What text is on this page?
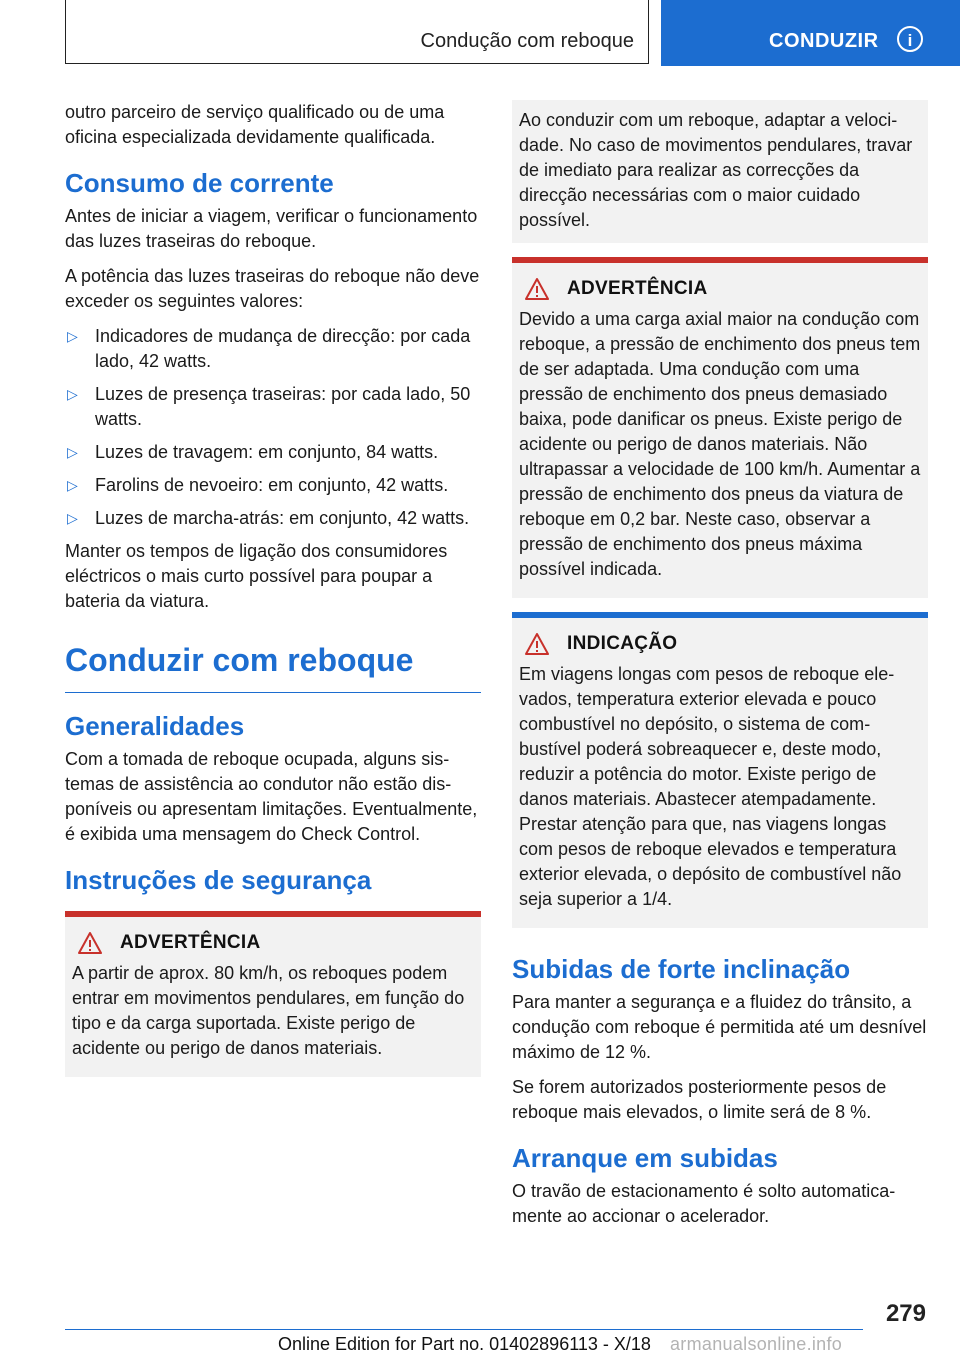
Condução com reboque	CONDUZIR	i

outro parceiro de serviço qualificado ou de uma oficina especializada devidamente qualificada.

Consumo de corrente

Antes de iniciar a viagem, verificar o funcionamento das luzes traseiras do reboque.

A potência das luzes traseiras do reboque não deve exceder os seguintes valores:

▷ Indicadores de mudança de direcção: por cada lado, 42 watts.
▷ Luzes de presença traseiras: por cada lado, 50 watts.
▷ Luzes de travagem: em conjunto, 84 watts.
▷ Farolins de nevoeiro: em conjunto, 42 watts.
▷ Luzes de marcha-atrás: em conjunto, 42 watts.

Manter os tempos de ligação dos consumidores eléctricos o mais curto possível para poupar a bateria da viatura.

Conduzir com reboque
Generalidades

Com a tomada de reboque ocupada, alguns sistemas de assistência ao condutor não estão disponíveis ou apresentam limitações. Eventualmente, é exibida uma mensagem do Check Control.

Instruções de segurança
ADVERTÊNCIA

A partir de aprox. 80 km/h, os reboques podem entrar em movimentos pendulares, em função do tipo e da carga suportada. Existe perigo de acidente ou perigo de danos materiais.

Ao conduzir com um reboque, adaptar a velocidade. No caso de movimentos pendulares, travar de imediato para realizar as correcções da direcção necessárias com o maior cuidado possível.

ADVERTÊNCIA

Devido a uma carga axial maior na condução com reboque, a pressão de enchimento dos pneus tem de ser adaptada. Uma condução com uma pressão de enchimento dos pneus demasiado baixa, pode danificar os pneus. Existe perigo de acidente ou perigo de danos materiais. Não ultrapassar a velocidade de 100 km/h. Aumentar a pressão de enchimento dos pneus da viatura de reboque em 0,2 bar. Neste caso, observar a pressão de enchimento dos pneus máxima possível indicada.

INDICAÇÃO

Em viagens longas com pesos de reboque elevados, temperatura exterior elevada e pouco combustível no depósito, o sistema de combustível poderá sobreaquecer e, deste modo, reduzir a potência do motor. Existe perigo de danos materiais. Abastecer atempadamente. Prestar atenção para que, nas viagens longas com pesos de reboque elevados e temperatura exterior elevada, o depósito de combustível não seja superior a 1/4.

Subidas de forte inclinação

Para manter a segurança e a fluidez do trânsito, a condução com reboque é permitida até um desnível máximo de 12 %.

Se forem autorizados posteriormente pesos de reboque mais elevados, o limite será de 8 %.

Arranque em subidas

O travão de estacionamento é solto automaticamente ao accionar o acelerador.

279
Online Edition for Part no. 01402896113 - X/18 armanualsonline.info
